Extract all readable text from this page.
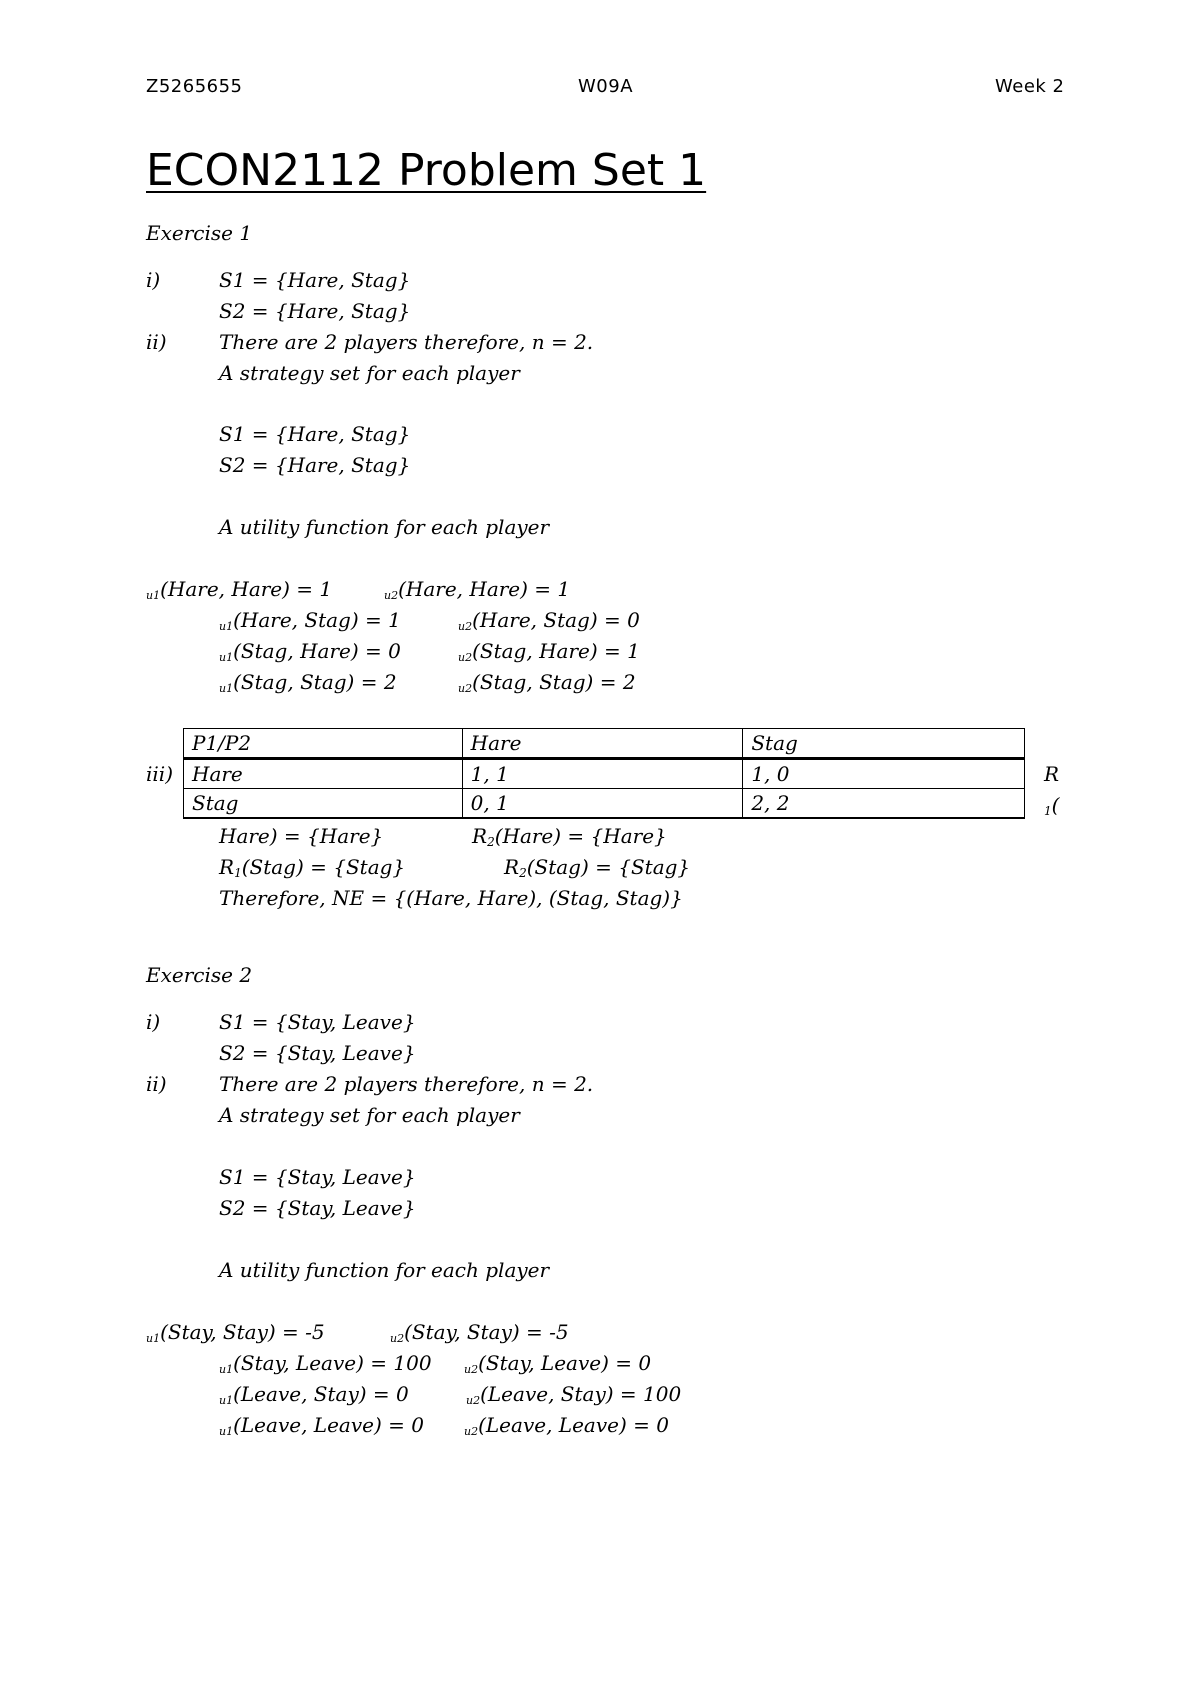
Z5265655	W09A	Week 2
ECON2112 Problem Set 1
Exercise 1
i)	S1 = {Hare, Stag}
S2 = {Hare, Stag}
ii)	There are 2 players therefore, n = 2.
A strategy set for each player
S1 = {Hare, Stag}
S2 = {Hare, Stag}
A utility function for each player
u1(Hare, Hare) = 1	u2(Hare, Hare) = 1
u1(Hare, Stag) = 1	u2(Hare, Stag) = 0
u1(Stag, Hare) = 0	u2(Stag, Hare) = 1
u1(Stag, Stag) = 2	u2(Stag, Stag) = 2
iii)
P1/P2	Hare	Stag
Hare	1, 1	1, 0
Stag	0, 1	2, 2
R
$_1$(
Hare) = {Hare}	$R_2(Hare)$ = {Hare}
$R_1(Stag)$ = {Stag}	$R_2(Stag)$ = {Stag}
Therefore, NE = {(Hare, Hare), (Stag, Stag)}
Exercise 2
i)	S1 = {Stay, Leave}
S2 = {Stay, Leave}
ii)	There are 2 players therefore, n = 2.
A strategy set for each player
S1 = {Stay, Leave}
S2 = {Stay, Leave}
A utility function for each player
u1(Stay, Stay) = -5	u2(Stay, Stay) = -5
u1(Stay, Leave) = 100	u2(Stay, Leave) = 0
u1(Leave, Stay) = 0	u2(Leave, Stay) = 100
u1(Leave, Leave) = 0	u2(Leave, Leave) = 0
